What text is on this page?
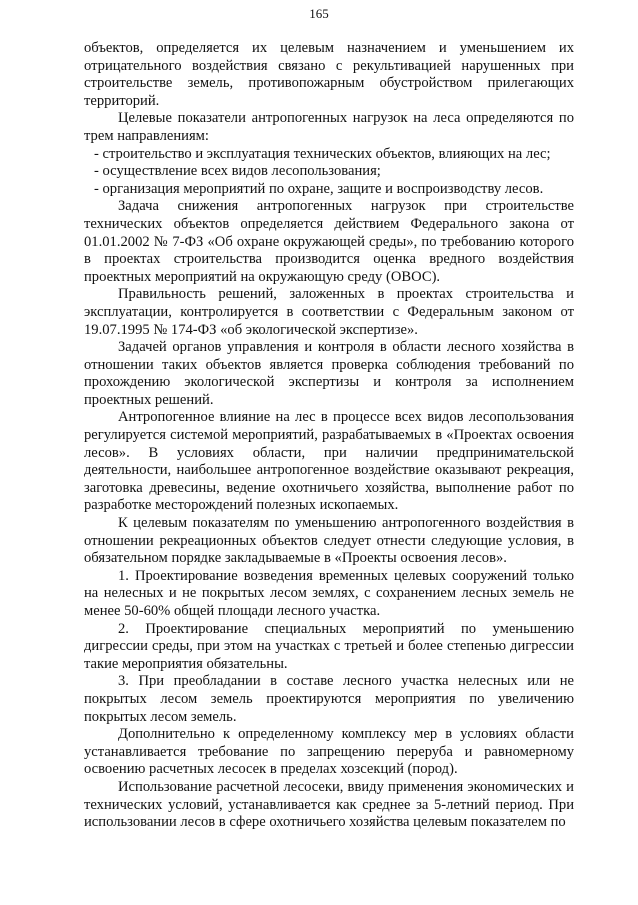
165

объектов, определяется их целевым назначением и уменьшением их отрицательного воздействия связано с рекультивацией нарушенных при строительстве земель, противопожарным обустройством прилегающих территорий.

Целевые показатели антропогенных нагрузок на леса определяются по трем направлениям:

- строительство и эксплуатация технических объектов, влияющих на лес;

- осуществление всех видов лесопользования;

- организация мероприятий по охране, защите и воспроизводству лесов.

Задача снижения антропогенных нагрузок при строительстве технических объектов определяется действием Федерального закона от 01.01.2002 № 7-ФЗ «Об охране окружающей среды», по требованию которого в проектах строительства производится оценка вредного воздействия проектных мероприятий на окружающую среду (ОВОС).

Правильность решений, заложенных в проектах строительства и эксплуатации, контролируется в соответствии с Федеральным законом от 19.07.1995 № 174-ФЗ «об экологической экспертизе».

Задачей органов управления и контроля в области лесного хозяйства в отношении таких объектов является проверка соблюдения требований по прохождению экологической экспертизы и контроля за исполнением проектных решений.

Антропогенное влияние на лес в процессе всех видов лесопользования регулируется системой мероприятий, разрабатываемых в «Проектах освоения лесов». В условиях области, при наличии предпринимательской деятельности, наибольшее антропогенное воздействие оказывают рекреация, заготовка древесины, ведение охотничьего хозяйства, выполнение работ по разработке месторождений полезных ископаемых.

К целевым показателям по уменьшению антропогенного воздействия в отношении рекреационных объектов следует отнести следующие условия, в обязательном порядке закладываемые в «Проекты освоения лесов».

1. Проектирование возведения временных целевых сооружений только на нелесных и не покрытых лесом землях, с сохранением лесных земель не менее 50-60% общей площади лесного участка.

2. Проектирование специальных мероприятий по уменьшению дигрессии среды, при этом на участках с третьей и более степенью дигрессии такие мероприятия обязательны.

3. При преобладании в составе лесного участка нелесных или не покрытых лесом земель проектируются мероприятия по увеличению покрытых лесом земель.

Дополнительно к определенному комплексу мер в условиях области устанавливается требование по запрещению переруба и равномерному освоению расчетных лесосек в пределах хозсекций (пород).

Использование расчетной лесосеки, ввиду применения экономических и технических условий, устанавливается как среднее за 5-летний период. При использовании лесов в сфере охотничьего хозяйства целевым показателем по
